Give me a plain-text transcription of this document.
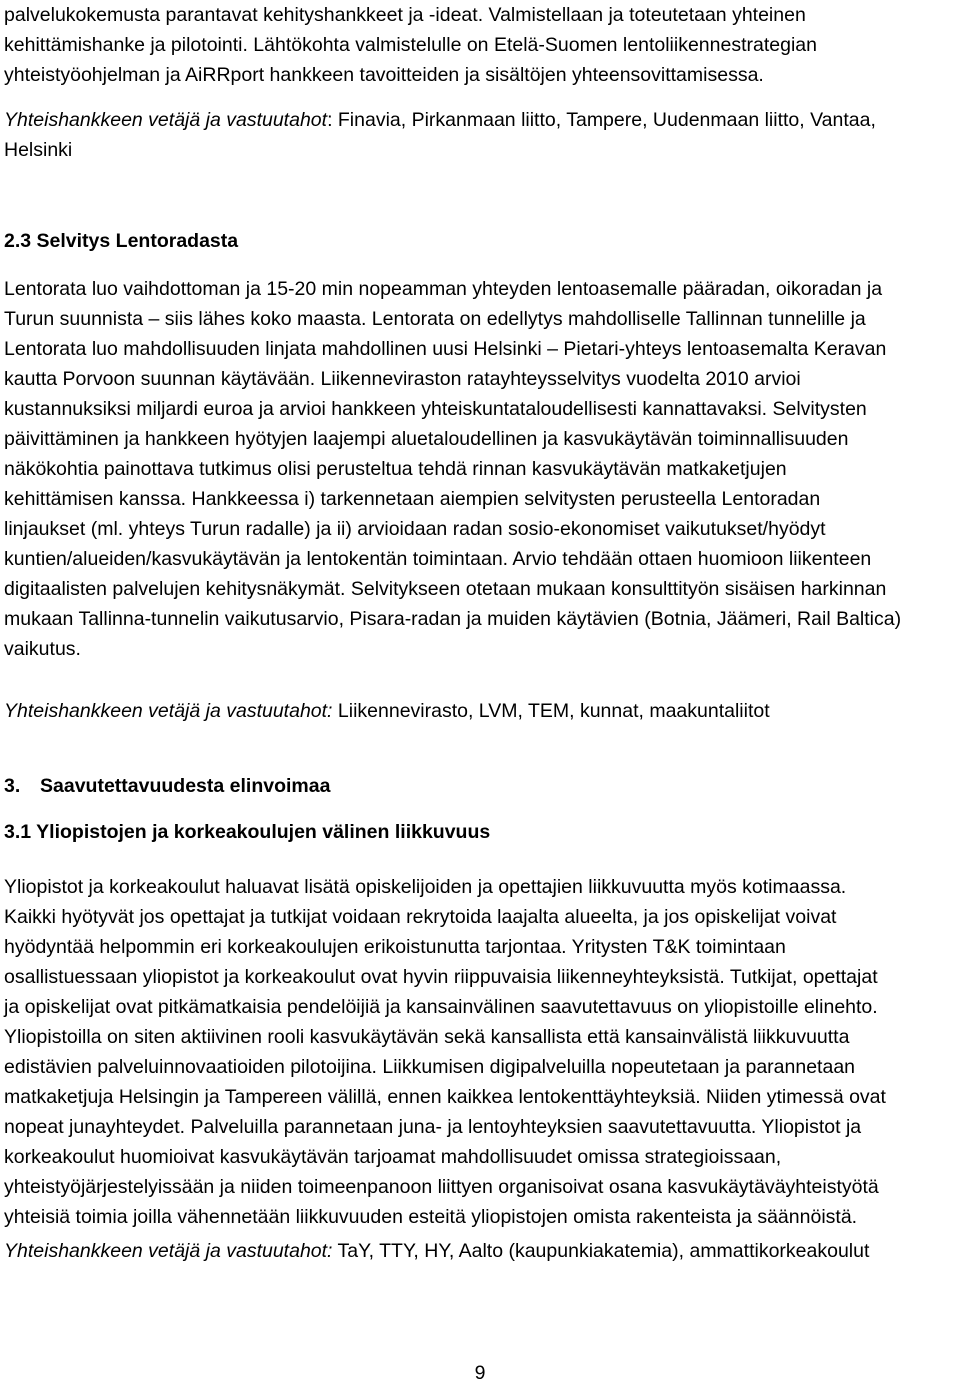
palvelukokemusta parantavat kehityshankkeet ja -ideat. Valmistellaan ja toteutetaan yhteinen
kehittämishanke ja pilotointi. Lähtökohta valmistelulle on Etelä-Suomen lentoliikennestrategian
yhteistyöohjelman ja AiRRport hankkeen tavoitteiden ja sisältöjen yhteensovittamisessa.
Yhteishankkeen vetäjä ja vastuutahot: Finavia, Pirkanmaan liitto, Tampere, Uudenmaan liitto, Vantaa,
Helsinki
2.3 Selvitys Lentoradasta
Lentorata luo vaihdottoman ja 15-20 min nopeamman yhteyden lentoasemalle pääradan, oikoradan ja
Turun suunnista – siis lähes koko maasta. Lentorata on edellytys mahdolliselle Tallinnan tunnelille ja
Lentorata luo mahdollisuuden linjata mahdollinen uusi Helsinki – Pietari-yhteys lentoasemalta Keravan
kautta Porvoon suunnan käytävään. Liikenneviraston ratayhteysselvitys vuodelta 2010 arvioi
kustannuksiksi miljardi euroa ja arvioi hankkeen yhteiskuntataloudellisesti kannattavaksi. Selvitysten
päivittäminen ja hankkeen hyötyjen laajempi aluetaloudellinen ja kasvukäytävän toiminnallisuuden
näkökohtia painottava tutkimus olisi perusteltua tehdä rinnan kasvukäytävän matkaketjujen
kehittämisen kanssa. Hankkeessa i) tarkennetaan aiempien selvitysten perusteella Lentoradan
linjaukset (ml. yhteys Turun radalle) ja ii) arvioidaan radan sosio-ekonomiset vaikutukset/hyödyt
kuntien/alueiden/kasvukäytävän ja lentokentän toimintaan. Arvio tehdään ottaen huomioon liikenteen
digitaalisten palvelujen kehitysnäkymät. Selvitykseen otetaan mukaan konsulttityön sisäisen harkinnan
mukaan Tallinna-tunnelin vaikutusarvio, Pisara-radan ja muiden käytävien (Botnia, Jäämeri, Rail Baltica)
vaikutus.
Yhteishankkeen vetäjä ja vastuutahot: Liikennevirasto, LVM, TEM, kunnat, maakuntaliitot
3. Saavutettavuudesta elinvoimaa
3.1 Yliopistojen ja korkeakoulujen välinen liikkuvuus
Yliopistot ja korkeakoulut haluavat lisätä opiskelijoiden ja opettajien liikkuvuutta myös kotimaassa.
Kaikki hyötyvät jos opettajat ja tutkijat voidaan rekrytoida laajalta alueelta, ja jos opiskelijat voivat
hyödyntää helpommin eri korkeakoulujen erikoistunutta tarjontaa. Yritysten T&K toimintaan
osallistuessaan yliopistot ja korkeakoulut ovat hyvin riippuvaisia liikenneyhteyksistä. Tutkijat, opettajat
ja opiskelijat ovat pitkämatkaisia pendelöijiä ja kansainvälinen saavutettavuus on yliopistoille elinehto.
Yliopistoilla on siten aktiivinen rooli kasvukäytävän sekä kansallista että kansainvälistä liikkuvuutta
edistävien palveluinnovaatioiden pilotoijina. Liikkumisen digipalveluilla nopeutetaan ja parannetaan
matkaketjuja Helsingin ja Tampereen välillä, ennen kaikkea lentokenttäyhteyksiä. Niiden ytimessä ovat
nopeat junayhteydet. Palveluilla parannetaan juna- ja lentoyhteyksien saavutettavuutta. Yliopistot ja
korkeakoulut huomioivat kasvukäytävän tarjoamat mahdollisuudet omissa strategioissaan,
yhteistyöjärjestelyissään ja niiden toimeenpanoon liittyen organisoivat osana kasvukäytäväyhteistyötä
yhteisiä toimia joilla vähennetään liikkuvuuden esteitä yliopistojen omista rakenteista ja säännöistä.
Yhteishankkeen vetäjä ja vastuutahot: TaY, TTY, HY, Aalto (kaupunkiakatemia), ammattikorkeakoulut
9
